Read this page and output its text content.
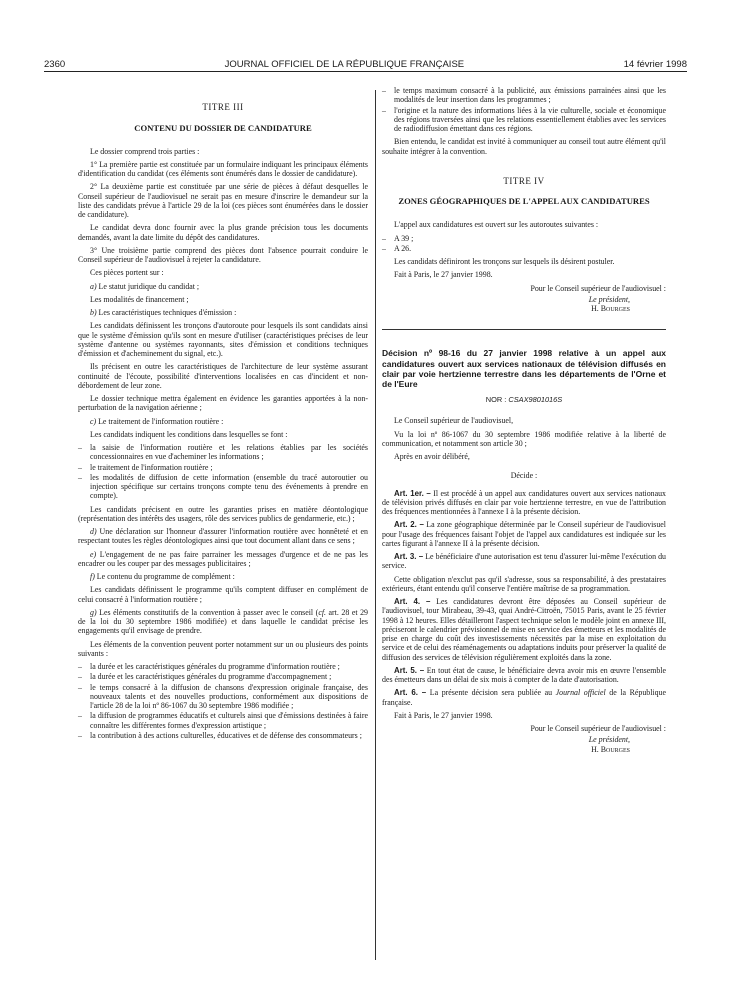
2360	JOURNAL OFFICIEL DE LA RÉPUBLIQUE FRANÇAISE	14 février 1998
TITRE III
CONTENU DU DOSSIER DE CANDIDATURE

Le dossier comprend trois parties :

1° La première partie est constituée par un formulaire indiquant les principaux éléments d'identification du candidat (ces éléments sont énumérés dans le dossier de candidature).

2° La deuxième partie est constituée par une série de pièces à défaut desquelles le Conseil supérieur de l'audiovisuel ne serait pas en mesure d'inscrire le demandeur sur la liste des candidats prévue à l'article 29 de la loi (ces pièces sont énumérées dans le dossier de candidature).

Le candidat devra donc fournir avec la plus grande précision tous les documents demandés, avant la date limite du dépôt des candidatures.

3° Une troisième partie comprend des pièces dont l'absence pourrait conduire le Conseil supérieur de l'audiovisuel à rejeter la candidature.

Ces pièces portent sur :

a) Le statut juridique du candidat ;

Les modalités de financement ;

b) Les caractéristiques techniques d'émission :

Les candidats définissent les tronçons d'autoroute pour lesquels ils sont candidats ainsi que le système d'émission qu'ils sont en mesure d'utiliser (caractéristiques précises de leur système d'antenne ou systèmes rayonnants, sites d'émission et conditions techniques d'émission et d'acheminement du signal, etc.).

Ils précisent en outre les caractéristiques de l'architecture de leur système assurant continuité de l'écoute, possibilité d'interventions localisées en cas d'incident et non-débordement de leur zone.

Le dossier technique mettra également en évidence les garanties apportées à la non-perturbation de la navigation aérienne ;

c) Le traitement de l'information routière :

Les candidats indiquent les conditions dans lesquelles se font :

– la saisie de l'information routière et les relations établies par les sociétés concessionnaires en vue d'acheminer les informations ;
– le traitement de l'information routière ;
– les modalités de diffusion de cette information (ensemble du tracé autoroutier ou injection spécifique sur certains tronçons compte tenu des événements à prendre en compte).

Les candidats précisent en outre les garanties prises en matière déontologique (représentation des intérêts des usagers, rôle des services publics de gendarmerie, etc.) ;

d) Une déclaration sur l'honneur d'assurer l'information routière avec honnêteté et en respectant toutes les règles déontologiques ainsi que tout document allant dans ce sens ;

e) L'engagement de ne pas faire parrainer les messages d'urgence et de ne pas les encadrer ou les couper par des messages publicitaires ;

f) Le contenu du programme de complément :

Les candidats définissent le programme qu'ils comptent diffuser en complément de celui consacré à l'information routière ;

g) Les éléments constitutifs de la convention à passer avec le conseil (cf. art. 28 et 29 de la loi du 30 septembre 1986 modifiée) et dans laquelle le candidat précise les engagements qu'il envisage de prendre.

Les éléments de la convention peuvent porter notamment sur un ou plusieurs des points suivants :

– la durée et les caractéristiques générales du programme d'information routière ;
– la durée et les caractéristiques générales du programme d'accompagnement ;
– le temps consacré à la diffusion de chansons d'expression originale française, des nouveaux talents et des nouvelles productions, conformément aux dispositions de l'article 28 de la loi nº 86-1067 du 30 septembre 1986 modifiée ;
– la diffusion de programmes éducatifs et culturels ainsi que d'émissions destinées à faire connaître les différentes formes d'expression artistique ;
– la contribution à des actions culturelles, éducatives et de défense des consommateurs ;
– le temps maximum consacré à la publicité, aux émissions parrainées ainsi que les modalités de leur insertion dans les programmes ;
– l'origine et la nature des informations liées à la vie culturelle, sociale et économique des régions traversées ainsi que les relations essentiellement établies avec les services de radiodiffusion émettant dans ces régions.

Bien entendu, le candidat est invité à communiquer au conseil tout autre élément qu'il souhaite intégrer à la convention.

TITRE IV
ZONES GÉOGRAPHIQUES DE L'APPEL AUX CANDIDATURES

L'appel aux candidatures est ouvert sur les autoroutes suivantes :

– A 39 ;
– A 26.

Les candidats définiront les tronçons sur lesquels ils désirent postuler.

Fait à Paris, le 27 janvier 1998.

Pour le Conseil supérieur de l'audiovisuel :

Le président,

H. Bourges

Décision nº 98-16 du 27 janvier 1998 relative à un appel aux candidatures ouvert aux services nationaux de télévision diffusés en clair par voie hertzienne terrestre dans les départements de l'Orne et de l'Eure
NOR : CSAX9801016S

Le Conseil supérieur de l'audiovisuel,

Vu la loi nº 86-1067 du 30 septembre 1986 modifiée relative à la liberté de communication, et notamment son article 30 ;

Après en avoir délibéré,

Décide :

Art. 1er. – Il est procédé à un appel aux candidatures ouvert aux services nationaux de télévision privés diffusés en clair par voie hertzienne terrestre, en vue de l'attribution des fréquences mentionnées à l'annexe I à la présente décision.

Art. 2. – La zone géographique déterminée par le Conseil supérieur de l'audiovisuel pour l'usage des fréquences faisant l'objet de l'appel aux candidatures est indiquée sur les cartes figurant à l'annexe II à la présente décision.

Art. 3. – Le bénéficiaire d'une autorisation est tenu d'assurer lui-même l'exécution du service.

Cette obligation n'exclut pas qu'il s'adresse, sous sa responsabilité, à des prestataires extérieurs, étant entendu qu'il conserve l'entière maîtrise de sa programmation.

Art. 4. – Les candidatures devront être déposées au Conseil supérieur de l'audiovisuel, tour Mirabeau, 39-43, quai André-Citroën, 75015 Paris, avant le 25 février 1998 à 12 heures. Elles détailleront l'aspect technique selon le modèle joint en annexe III, préciseront le calendrier prévisionnel de mise en service des émetteurs et les modalités de prise en charge du coût des investissements nécessités par la mise en exploitation du service et de celui des réaménagements ou adaptations induits pour préserver la qualité de diffusion des services de télévision régulièrement exploités dans la zone.

Art. 5. – En tout état de cause, le bénéficiaire devra avoir mis en œuvre l'ensemble des émetteurs dans un délai de six mois à compter de la date d'autorisation.

Art. 6. – La présente décision sera publiée au Journal officiel de la République française.

Fait à Paris, le 27 janvier 1998.

Pour le Conseil supérieur de l'audiovisuel :

Le président,

H. Bourges
